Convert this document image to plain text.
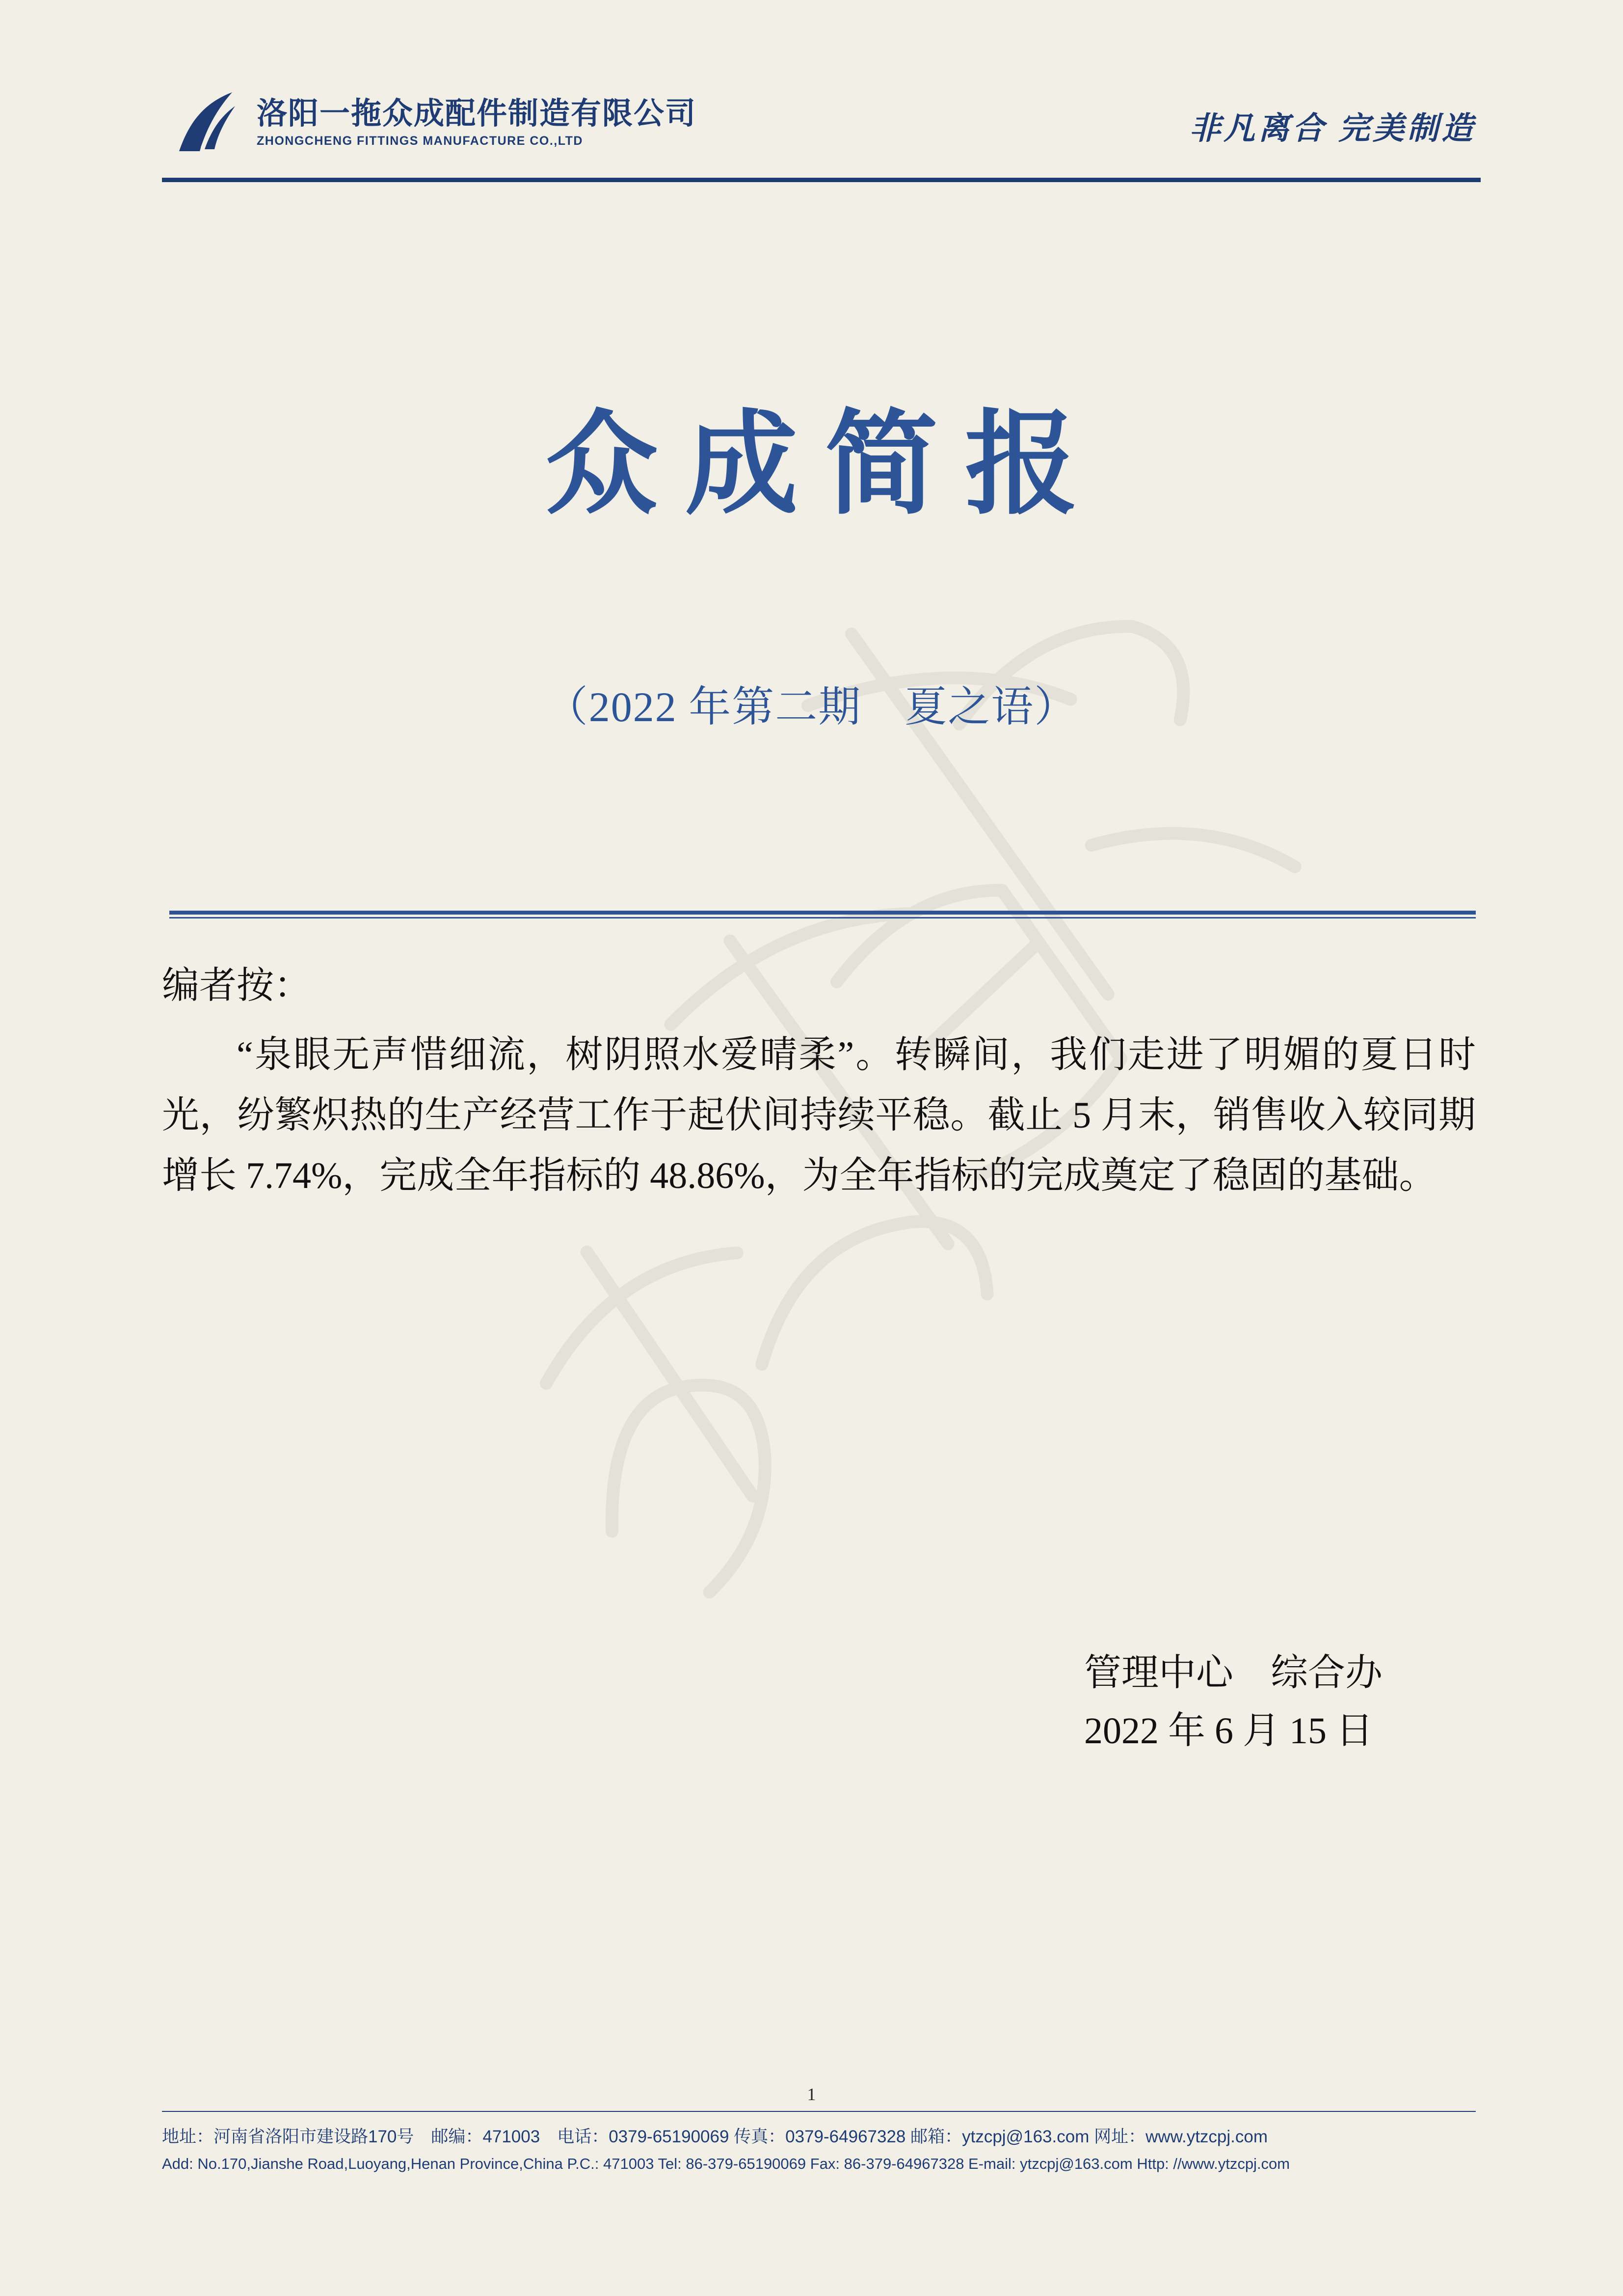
洛阳一拖众成配件制造有限公司
ZHONGCHENG FITTINGS MANUFACTURE CO.,LTD	非凡离合 完美制造
众成简报
（2022 年第二期　夏之语）
编者按：
“泉眼无声惜细流，树阴照水爱晴柔”。转瞬间，我们走进了明媚的夏日时光，纷繁炽热的生产经营工作于起伏间持续平稳。截止 5 月末，销售收入较同期增长 7.74%，完成全年指标的 48.86%，为全年指标的完成奠定了稳固的基础。
管理中心　综合办
2022 年 6 月 15 日
1
地址：河南省洛阳市建设路170号　邮编：471003　电话：0379-65190069 传真：0379-64967328 邮箱：ytzcpj@163.com 网址：www.ytzcpj.com
Add: No.170,Jianshe Road,Luoyang,Henan Province,China P.C.: 471003 Tel: 86-379-65190069 Fax: 86-379-64967328 E-mail: ytzcpj@163.com Http: //www.ytzcpj.com
